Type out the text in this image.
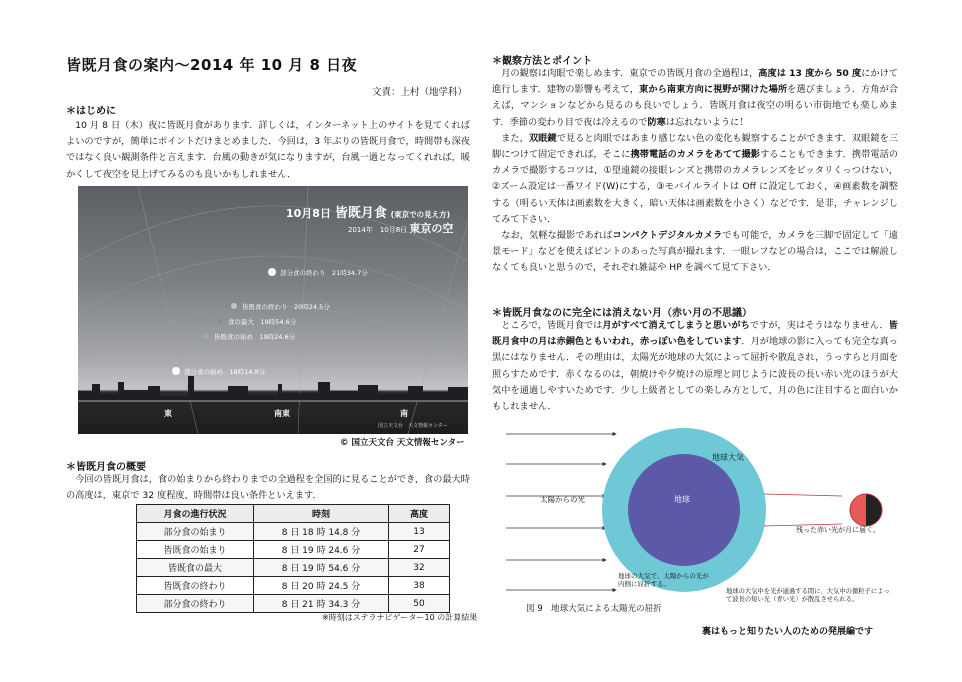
皆既月食の案内〜2014 年 10 月 8 日夜
文責：上村（地学科）
＊はじめに
10 月 8 日（木）夜に皆既月食があります．詳しくは，インターネット上のサイトを見てくればよいのですが，簡単にポイントだけまとめました．今回は，3 年ぶりの皆既月食で，時間帯も深夜ではなく良い観測条件と言えます．台風の動きが気になりますが，台風一過となってくれれば，暖かくして夜空を見上げてみるのも良いかもしれません．
10月8日 皆既月食 (東京での見え方)
2014年　10月8日 東京の空
部分食の終わり　21時34.7分
皆既食の終わり　20時24.5分
食の最大　19時54.6分
皆既食の始め　19時24.6分
部分食の始め　18時14.8分
東	南東	南
国立天文台　天文情報センター
© 国立天文台 天文情報センター
＊皆既月食の概要
今回の皆既月食は，食の始まりから終わりまでの全過程を全国的に見ることができ，食の最大時の高度は，東京で 32 度程度，時間帯は良い条件といえます．
月食の進行状況	時刻	高度
部分食の始まり	8 日 18 時 14.8 分	13
皆既食の始まり	8 日 19 時 24.6 分	27
皆既食の最大	8 日 19 時 54.6 分	32
皆既食の終わり	8 日 20 時 24.5 分	38
部分食の終わり	8 日 21 時 34.3 分	50
※時刻はステラナビゲーター10 の計算結果
＊観察方法とポイント

月の観察は肉眼で楽しめます．東京での皆既月食の全過程は，高度は 13 度から 50 度にかけて進行します．建物の影響も考えて，東から南東方向に視野が開けた場所を選びましょう．方角が合えば，マンションなどから見るのも良いでしょう．皆既月食は夜空の明るい市街地でも楽しめます．季節の変わり目で夜は冷えるので防寒は忘れないように！

また，双眼鏡で見ると肉眼ではあまり感じない色の変化も観察することができます．双眼鏡を三脚につけて固定できれば，そこに携帯電話のカメラをあてて撮影することもできます．携帯電話のカメラで撮影するコツは，①望遠鏡の接眼レンズと携帯のカメラレンズをピッタリくっつけない，②ズーム設定は一番ワイド(W)にする，③モバイルライトは Off に設定しておく，④画素数を調整する（明るい天体は画素数を大きく，暗い天体は画素数を小さく）などです．是非，チャレンジしてみて下さい．

なお，気軽な撮影であればコンパクトデジタルカメラでも可能で，カメラを三脚で固定して「遠景モード」などを使えばピントのあった写真が撮れます．一眼レフなどの場合は，ここでは解説しなくても良いと思うので，それぞれ雑誌や HP を調べて見て下さい．

＊皆既月食なのに完全には消えない月（赤い月の不思議）

ところで，皆既月食では月がすべて消えてしまうと思いがちですが，実はそうはなりません．皆既月食中の月は赤銅色ともいわれ，赤っぽい色をしています．月が地球の影に入っても完全な真っ黒にはなりません．その理由は，太陽光が地球の大気によって屈折や散乱され，うっすらと月面を照らすためです．赤くなるのは，朝焼けや夕焼けの原理と同じように波長の長い赤い光のほうが大気中を通過しやすいためです．少し上級者としての楽しみ方として，月の色に注目すると面白いかもしれません．

地球大気
太陽からの光	地球
残った赤い光が月に届く。
地球の大気で、太陽からの光が内側に屈折する。
地球の大気中を光が通過する間に、大気中の微粒子によって波長の短い光（青い光）が散乱させられる。
図 9　地球大気による太陽光の屈折
裏はもっと知りたい人のための発展編です
